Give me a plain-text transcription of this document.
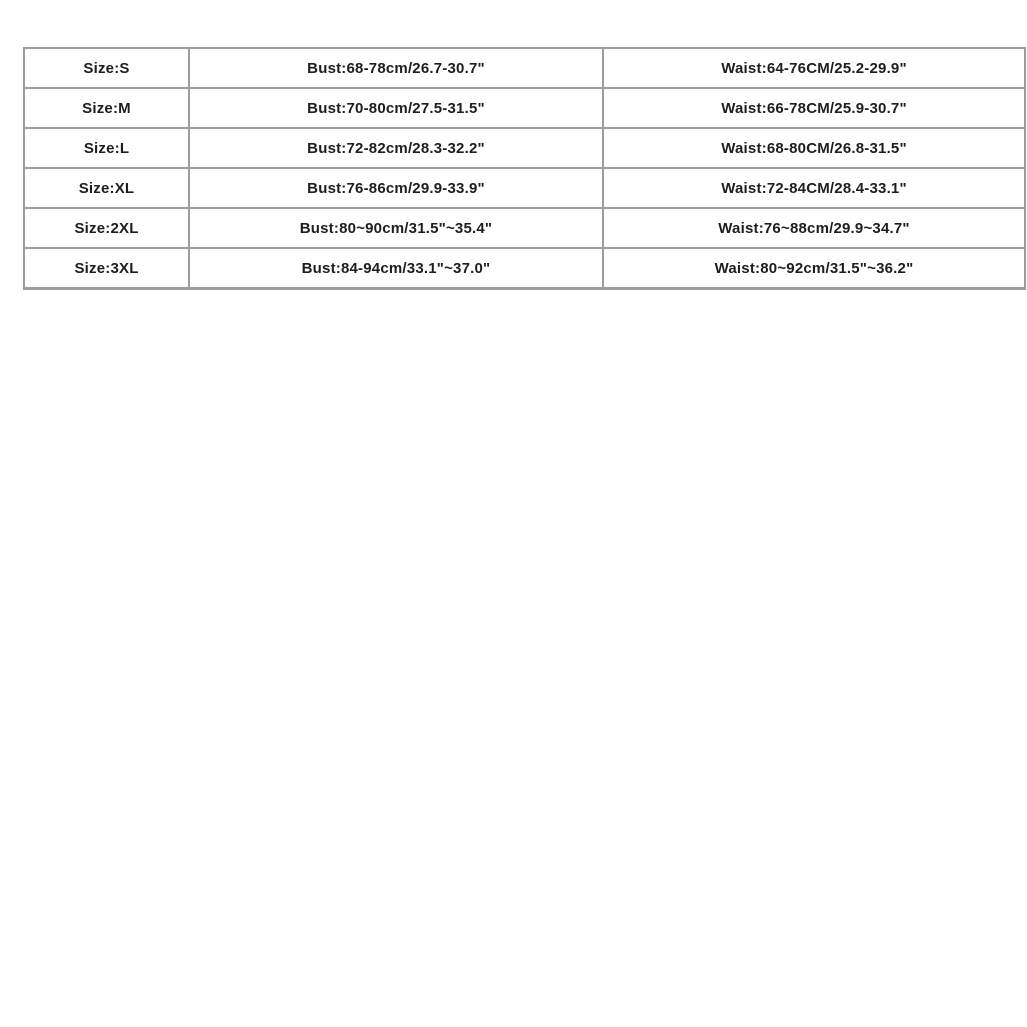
Size:S	Bust:68-78cm/26.7-30.7"	Waist:64-76CM/25.2-29.9"
Size:M	Bust:70-80cm/27.5-31.5"	Waist:66-78CM/25.9-30.7"
Size:L	Bust:72-82cm/28.3-32.2"	Waist:68-80CM/26.8-31.5"
Size:XL	Bust:76-86cm/29.9-33.9"	Waist:72-84CM/28.4-33.1"
Size:2XL	Bust:80~90cm/31.5"~35.4"	Waist:76~88cm/29.9~34.7"
Size:3XL	Bust:84-94cm/33.1"~37.0"	Waist:80~92cm/31.5"~36.2"
